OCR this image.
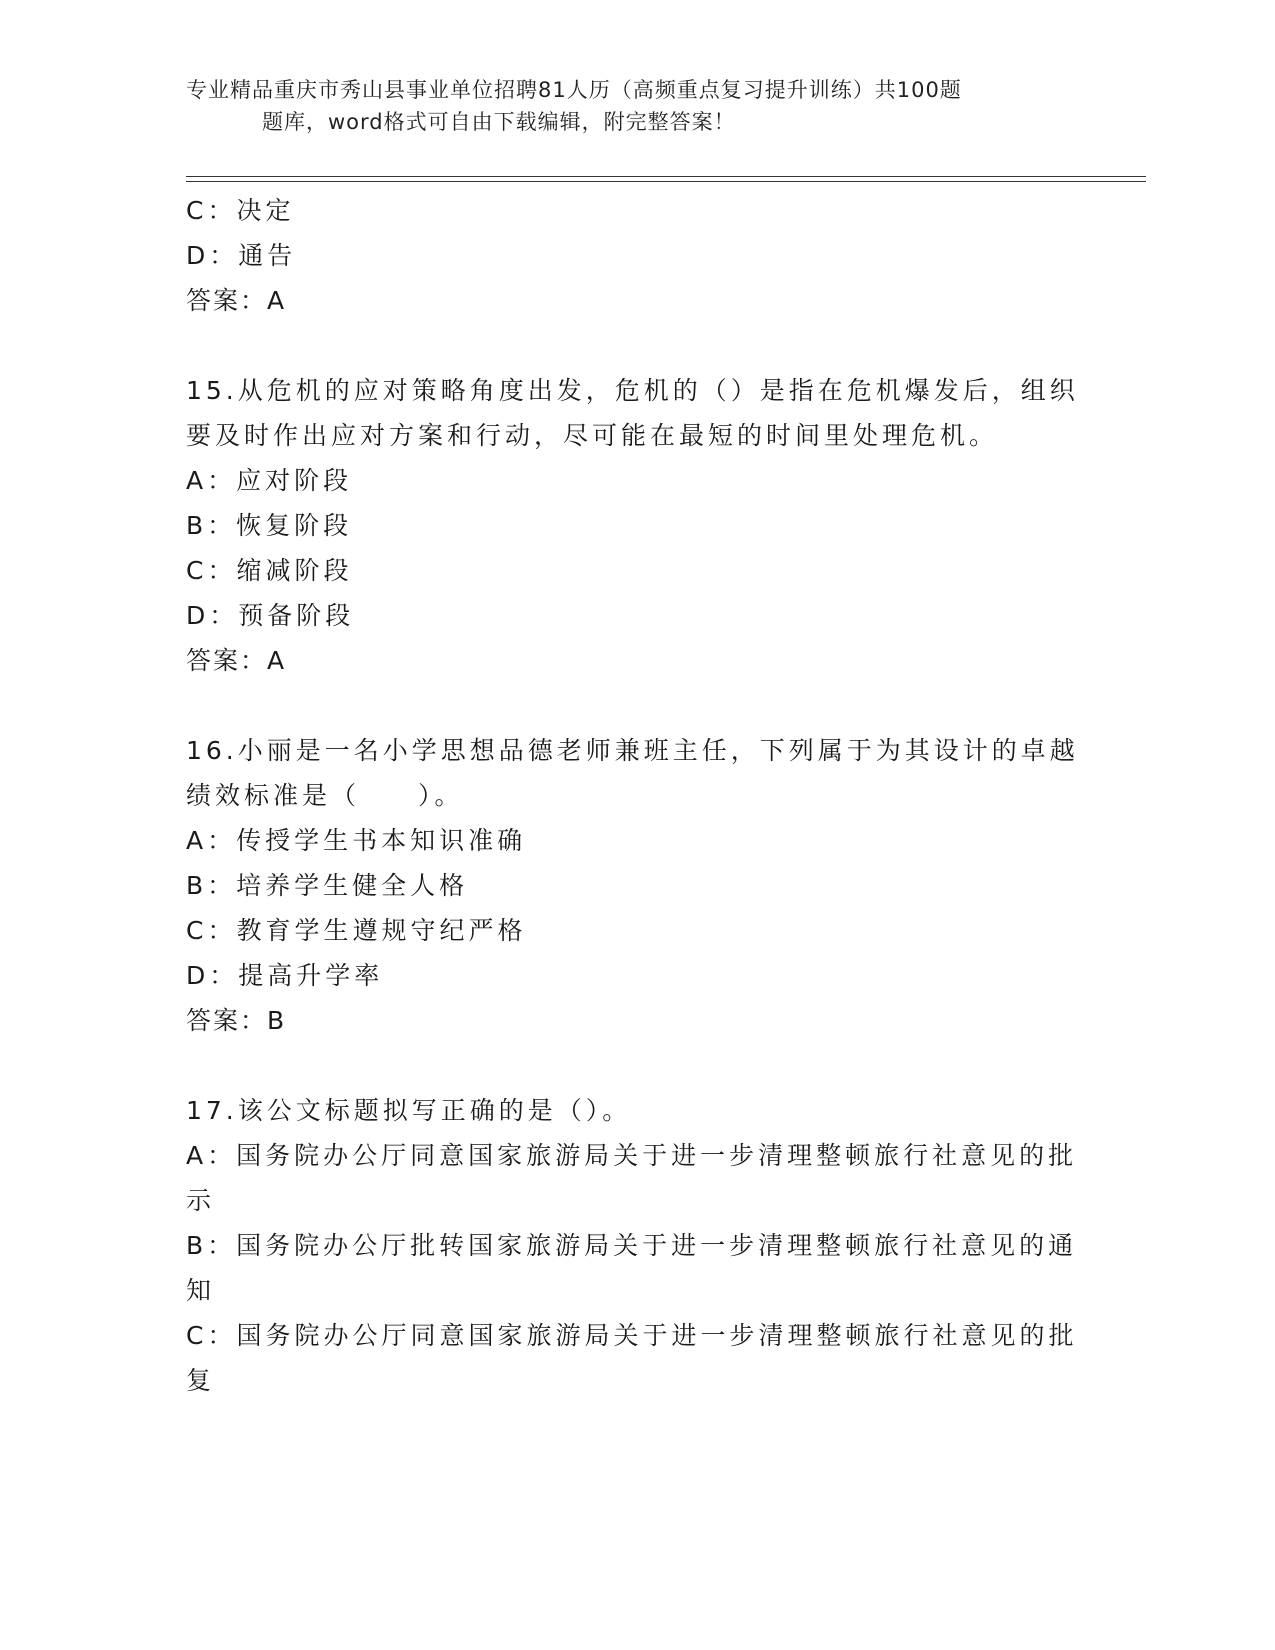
专业精品重庆市秀山县事业单位招聘81人历（高频重点复习提升训练）共100题
题库，word格式可自由下载编辑，附完整答案！
C：决定
D：通告
答案：A
15.从危机的应对策略角度出发，危机的（）是指在危机爆发后，组织
要及时作出应对方案和行动，尽可能在最短的时间里处理危机。
A：应对阶段
B：恢复阶段
C：缩减阶段
D：预备阶段
答案：A
16.小丽是一名小学思想品德老师兼班主任，下列属于为其设计的卓越
绩效标准是（　　）。
A：传授学生书本知识准确
B：培养学生健全人格
C：教育学生遵规守纪严格
D：提高升学率
答案：B
17.该公文标题拟写正确的是（）。
A：国务院办公厅同意国家旅游局关于进一步清理整顿旅行社意见的批
示
B：国务院办公厅批转国家旅游局关于进一步清理整顿旅行社意见的通
知
C：国务院办公厅同意国家旅游局关于进一步清理整顿旅行社意见的批
复
